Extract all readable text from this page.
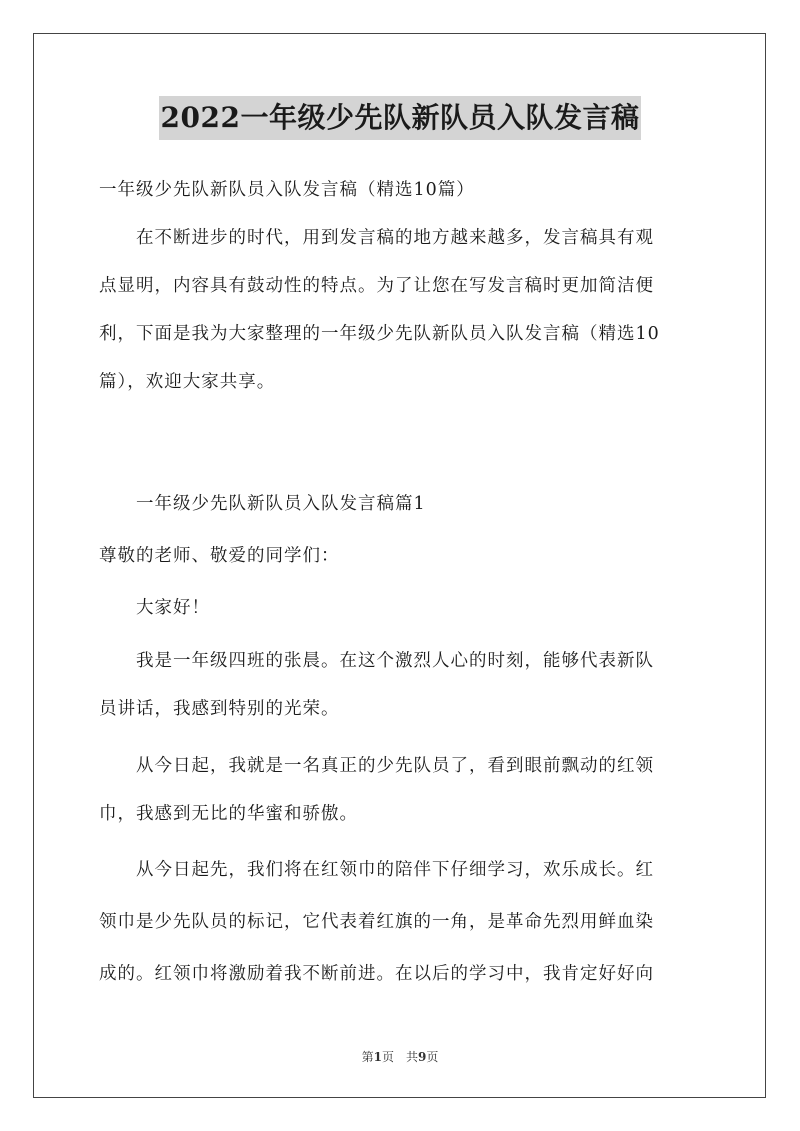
2022一年级少先队新队员入队发言稿
一年级少先队新队员入队发言稿（精选10篇）
　　在不断进步的时代，用到发言稿的地方越来越多，发言稿具有观
点显明，内容具有鼓动性的特点。为了让您在写发言稿时更加简洁便
利，下面是我为大家整理的一年级少先队新队员入队发言稿（精选10
篇），欢迎大家共享。
　　一年级少先队新队员入队发言稿篇1
尊敬的老师、敬爱的同学们：
　　大家好！
　　我是一年级四班的张晨。在这个激烈人心的时刻，能够代表新队
员讲话，我感到特别的光荣。
　　从今日起，我就是一名真正的少先队员了，看到眼前飘动的红领
巾，我感到无比的华蜜和骄傲。
　　从今日起先，我们将在红领巾的陪伴下仔细学习，欢乐成长。红
领巾是少先队员的标记，它代表着红旗的一角，是革命先烈用鲜血染
成的。红领巾将激励着我不断前进。在以后的学习中，我肯定好好向
第1页　共9页
